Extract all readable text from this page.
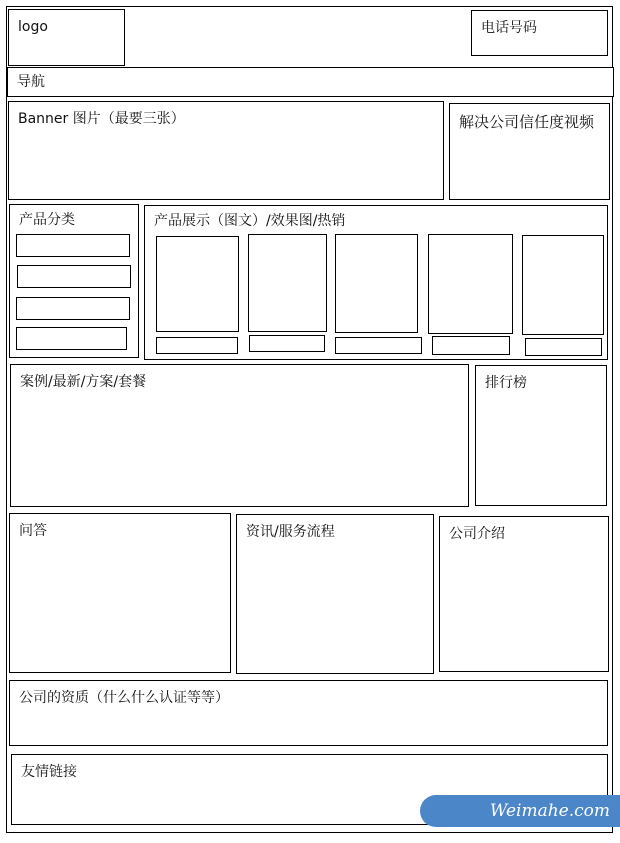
logo	电话号码
导航
Banner 图片（最要三张）	解决公司信任度视频
产品分类	产品展示（图文）/效果图/热销
案例/最新/方案/套餐	排行榜
问答	资讯/服务流程	公司介绍
公司的资质（什么什么认证等等）
友情链接
Weimahe.com
